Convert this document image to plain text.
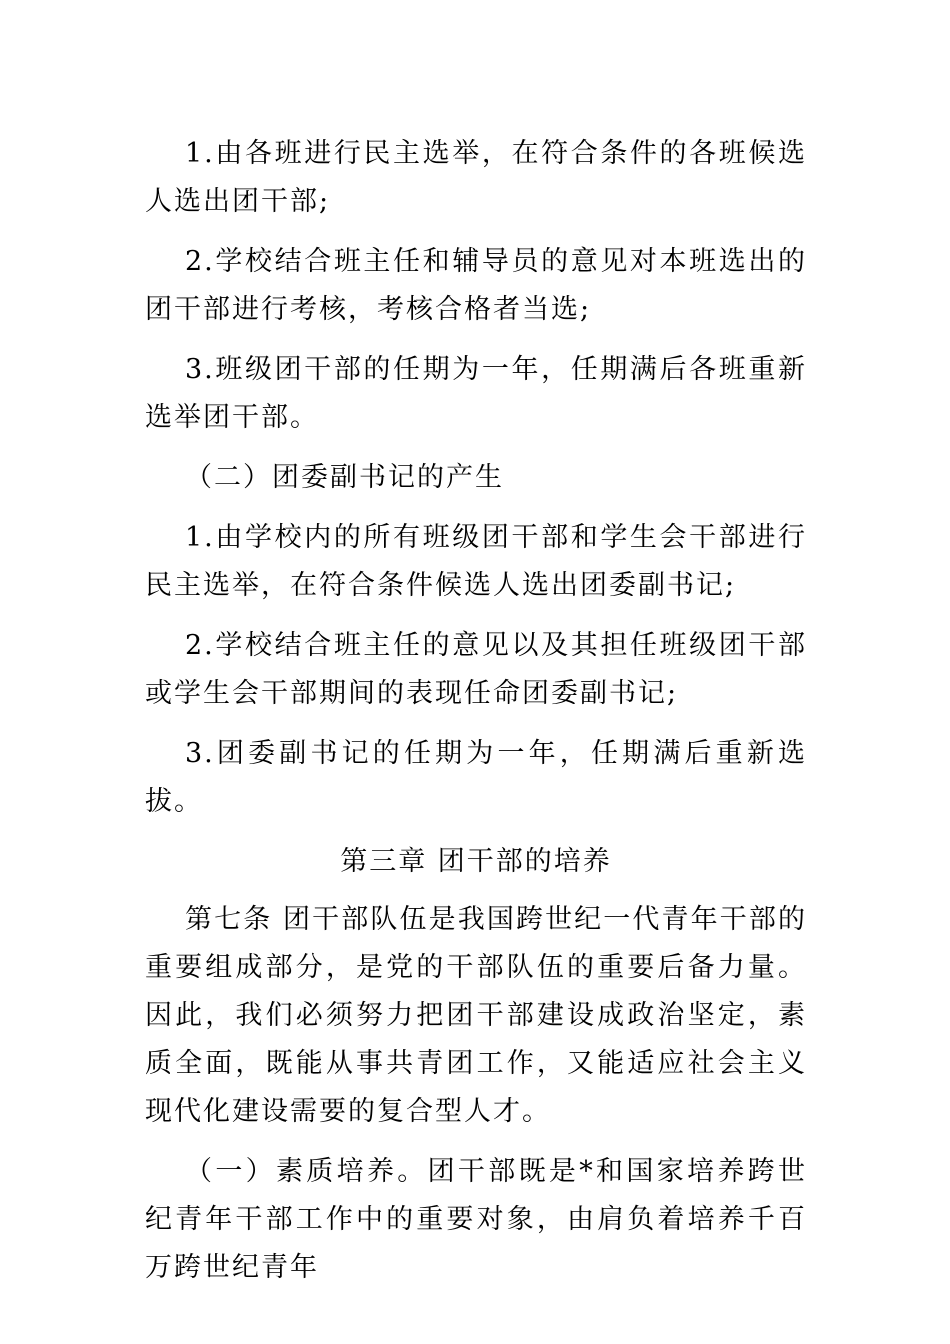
1.由各班进行民主选举，在符合条件的各班候选人选出团干部;

2.学校结合班主任和辅导员的意见对本班选出的团干部进行考核，考核合格者当选;

3.班级团干部的任期为一年，任期满后各班重新选举团干部。

（二）团委副书记的产生

1.由学校内的所有班级团干部和学生会干部进行民主选举，在符合条件候选人选出团委副书记;

2.学校结合班主任的意见以及其担任班级团干部或学生会干部期间的表现任命团委副书记;

3.团委副书记的任期为一年，任期满后重新选拔。

第三章 团干部的培养

第七条 团干部队伍是我国跨世纪一代青年干部的重要组成部分，是党的干部队伍的重要后备力量。因此，我们必须努力把团干部建设成政治坚定，素质全面，既能从事共青团工作，又能适应社会主义现代化建设需要的复合型人才。

（一）素质培养。团干部既是*和国家培养跨世纪青年干部工作中的重要对象，由肩负着培养千百万跨世纪青年
